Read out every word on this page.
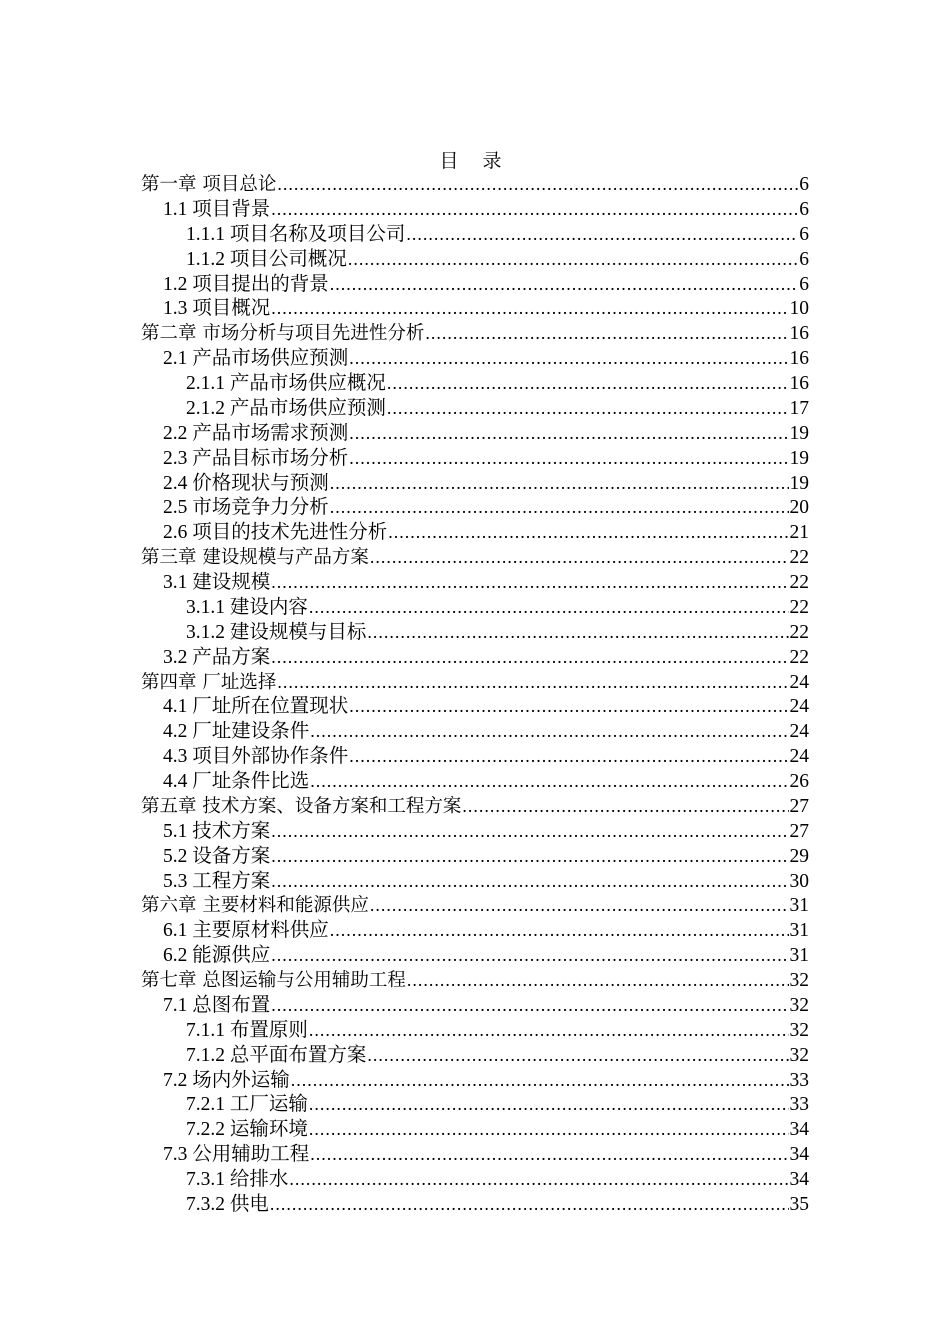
目 录
第一章 项目总论 .....	6
1.1 项目背景 .....	6
1.1.1 项目名称及项目公司 .....	6
1.1.2 项目公司概况 .....	6
1.2 项目提出的背景 .....	6
1.3 项目概况 .....	10
第二章 市场分析与项目先进性分析 .....	16
2.1 产品市场供应预测 .....	16
2.1.1 产品市场供应概况 .....	16
2.1.2 产品市场供应预测 .....	17
2.2 产品市场需求预测 .....	19
2.3 产品目标市场分析 .....	19
2.4 价格现状与预测 .....	19
2.5 市场竞争力分析 .....	20
2.6 项目的技术先进性分析 .....	21
第三章 建设规模与产品方案 .....	22
3.1 建设规模 .....	22
3.1.1 建设内容 .....	22
3.1.2 建设规模与目标 .....	22
3.2 产品方案 .....	22
第四章 厂址选择 .....	24
4.1 厂址所在位置现状 .....	24
4.2 厂址建设条件 .....	24
4.3 项目外部协作条件 .....	24
4.4 厂址条件比选 .....	26
第五章 技术方案、设备方案和工程方案 .....	27
5.1 技术方案 .....	27
5.2 设备方案 .....	29
5.3 工程方案 .....	30
第六章 主要材料和能源供应 .....	31
6.1 主要原材料供应 .....	31
6.2 能源供应 .....	31
第七章 总图运输与公用辅助工程 .....	32
7.1 总图布置 .....	32
7.1.1 布置原则 .....	32
7.1.2 总平面布置方案 .....	32
7.2 场内外运输 .....	33
7.2.1 工厂运输 .....	33
7.2.2 运输环境 .....	34
7.3 公用辅助工程 .....	34
7.3.1 给排水 .....	34
7.3.2 供电 .....	35
